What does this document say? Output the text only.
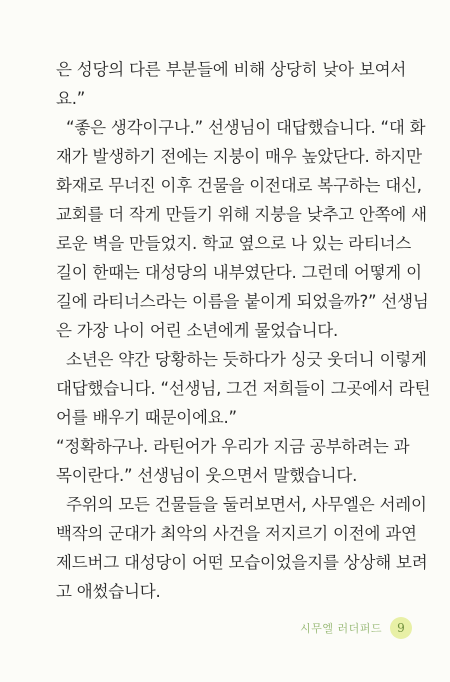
은 성당의 다른 부분들에 비해 상당히 낮아 보여서
요.”
“좋은 생각이구나.” 선생님이 대답했습니다. “대 화
재가 발생하기 전에는 지붕이 매우 높았단다. 하지만
화재로 무너진 이후 건물을 이전대로 복구하는 대신,
교회를 더 작게 만들기 위해 지붕을 낮추고 안쪽에 새
로운 벽을 만들었지. 학교 옆으로 나 있는 라티너스
길이 한때는 대성당의 내부였단다. 그런데 어떻게 이
길에 라티너스라는 이름을 붙이게 되었을까?” 선생님
은 가장 나이 어린 소년에게 물었습니다.
소년은 약간 당황하는 듯하다가 싱긋 웃더니 이렇게
대답했습니다. “선생님, 그건 저희들이 그곳에서 라틴
어를 배우기 때문이에요.”
“정확하구나. 라틴어가 우리가 지금 공부하려는 과
목이란다.” 선생님이 웃으면서 말했습니다.
주위의 모든 건물들을 둘러보면서, 사무엘은 서레이
백작의 군대가 최악의 사건을 저지르기 이전에 과연
제드버그 대성당이 어떤 모습이었을지를 상상해 보려
고 애썼습니다.
시무엘 러더퍼드	9
